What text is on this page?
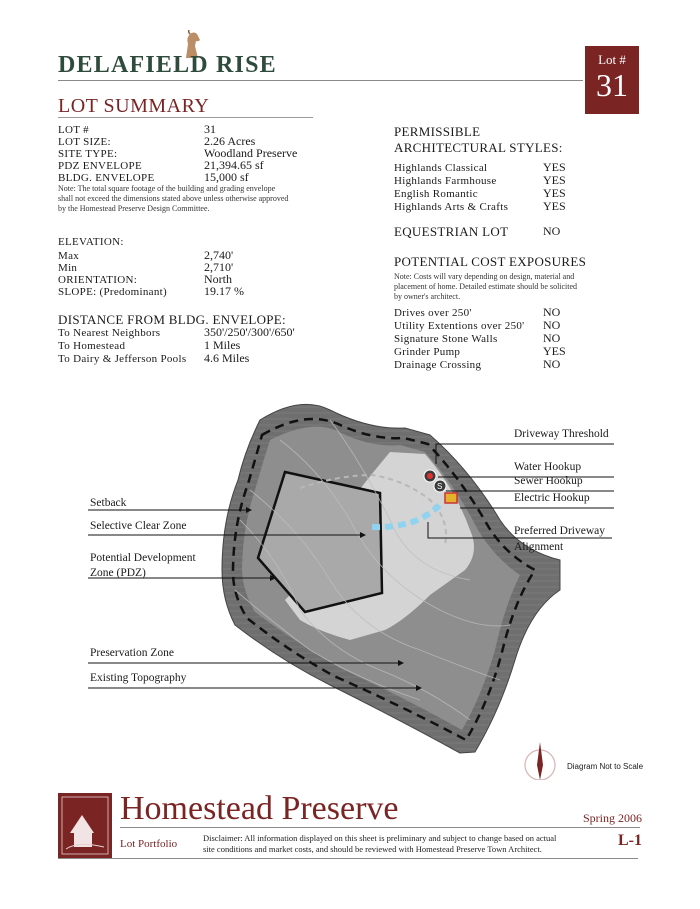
DELAFIELD RISE	Lot #
31
LOT SUMMARY
LOT #	31
LOT SIZE:	2.26 Acres
SITE TYPE:	Woodland Preserve
PDZ ENVELOPE	21,394.65 sf
BLDG. ENVELOPE	15,000 sf
Note: The total square footage of the building and grading envelope shall not exceed the dimensions stated above unless otherwise approved by the Homestead Preserve Design Committee.
ELEVATION:
Max	2,740'
Min	2,710'
ORIENTATION:	North
SLOPE: (Predominant)	19.17 %
DISTANCE FROM BLDG. ENVELOPE:
To Nearest Neighbors	350'/250'/300'/650'
To Homestead	1 Miles
To Dairy & Jefferson Pools 4.6 Miles
PERMISSIBLE
ARCHITECTURAL STYLES:
Highlands Classical	YES
Highlands Farmhouse	YES
English Romantic	YES
Highlands Arts & Crafts	YES
EQUESTRIAN LOT	NO
POTENTIAL COST EXPOSURES
Note: Costs will vary depending on design, material and placement of home. Detailed estimate should be solicited by owner's architect.
Drives over 250'	NO
Utility Extentions over 250' NO
Signature Stone Walls	NO
Grinder Pump	YES
Drainage Crossing	NO
S
Setback
Selective Clear Zone
Potential Development
Zone (PDZ)
Preservation Zone
Existing Topography
Driveway Threshold
Water Hookup
Sewer Hookup
Electric Hookup
Preferred Driveway
Alignment
Diagram Not to Scale
Homestead Preserve
Lot Portfolio	Disclaimer: All information displayed on this sheet is preliminary and subject to change based on actual site conditions and market costs, and should be reviewed with Homestead Preserve Town Architect.
Spring 2006
L-1
